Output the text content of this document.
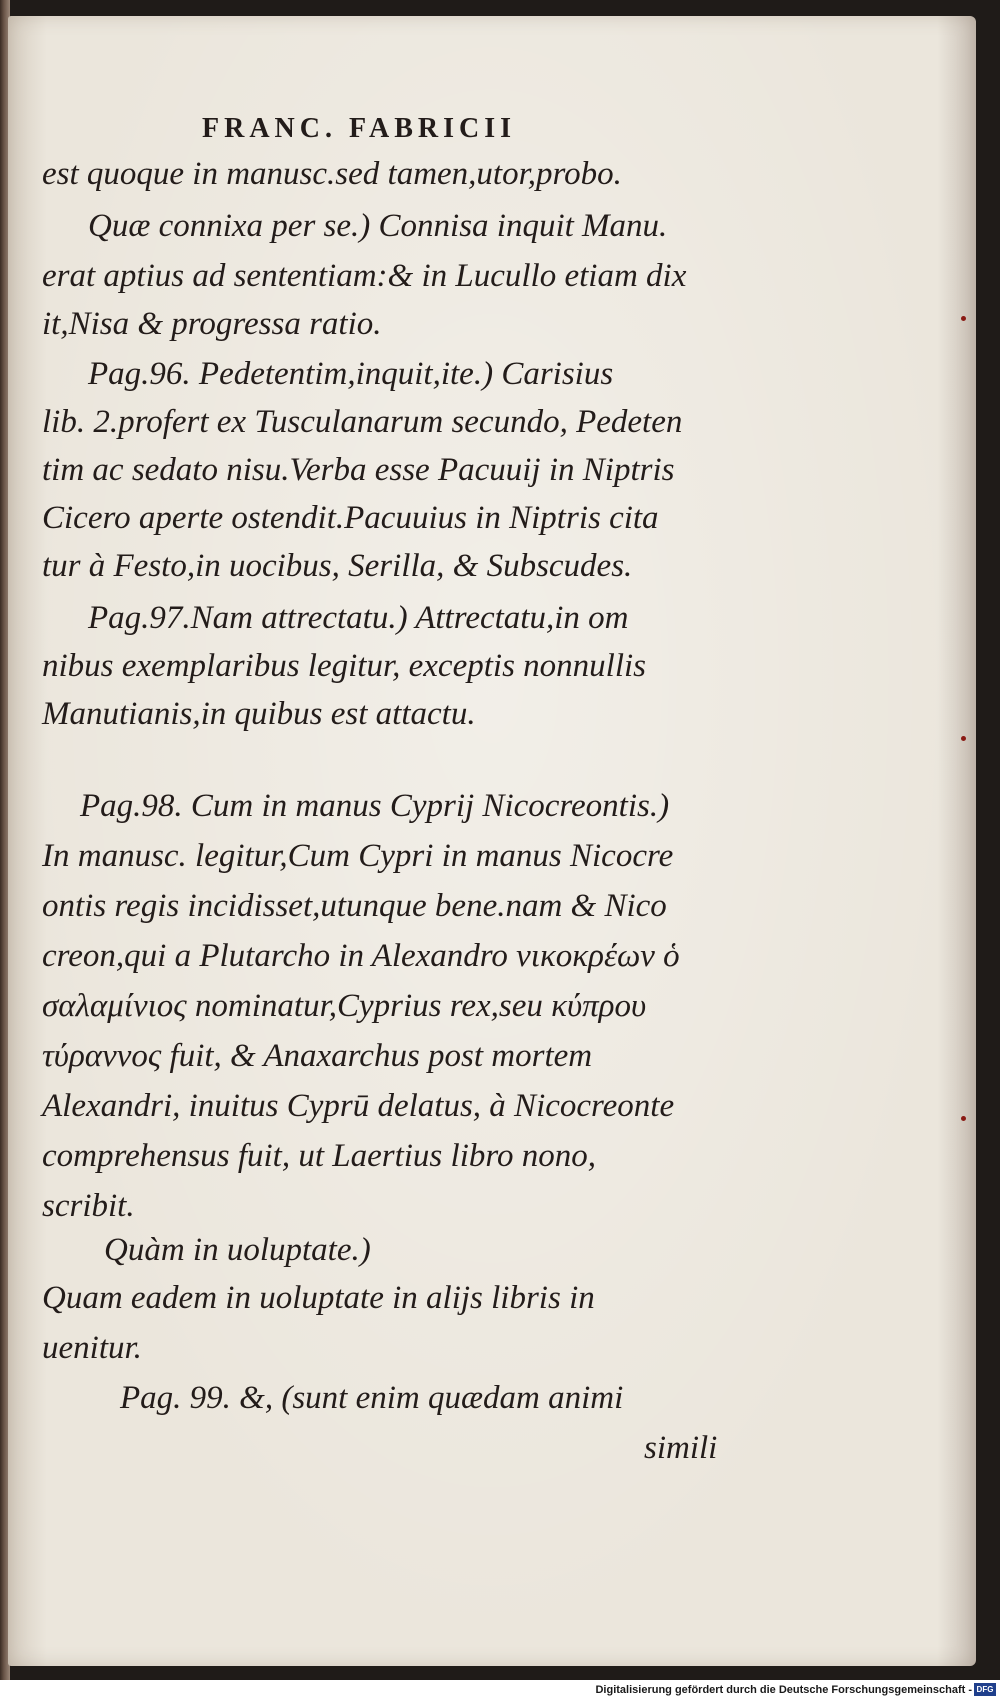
FRANC. FABRICII
est quoque in manusc.sed tamen,utor,probo.
Quæ connixa per se.) Connisa inquit Manu.
erat aptius ad sententiam:& in Lucullo etiam dix
it,Nisa & progressa ratio.
Pag.96. Pedetentim,inquit,ite.) Carisius
lib. 2.profert ex Tusculanarum secundo, Pedeten
tim ac sedato nisu.Verba esse Pacuuij in Niptris
Cicero aperte ostendit.Pacuuius in Niptris cita
tur à Festo,in uocibus, Serilla, & Subscudes.
Pag.97.Nam attrectatu.) Attrectatu,in om
nibus exemplaribus legitur, exceptis nonnullis
Manutianis,in quibus est attactu.
Pag.98. Cum in manus Cyprij Nicocreontis.)
In manusc. legitur,Cum Cypri in manus Nicocre
ontis regis incidisset,utunque bene.nam & Nico
creon,qui a Plutarcho in Alexandro νικοκρέων ὁ
σαλαμίνιος nominatur,Cyprius rex,seu κύπρου
τύραννος fuit, & Anaxarchus post mortem
Alexandri, inuitus Cyprū delatus, à Nicocreonte
comprehensus fuit, ut Laertius libro nono,
scribit.
Quàm in uoluptate.)
Quam eadem in uoluptate in alijs libris in
uenitur.
Pag. 99. &, (sunt enim quædam animi
simili
Digitalisierung gefördert durch die Deutsche Forschungsgemeinschaft - DFG
